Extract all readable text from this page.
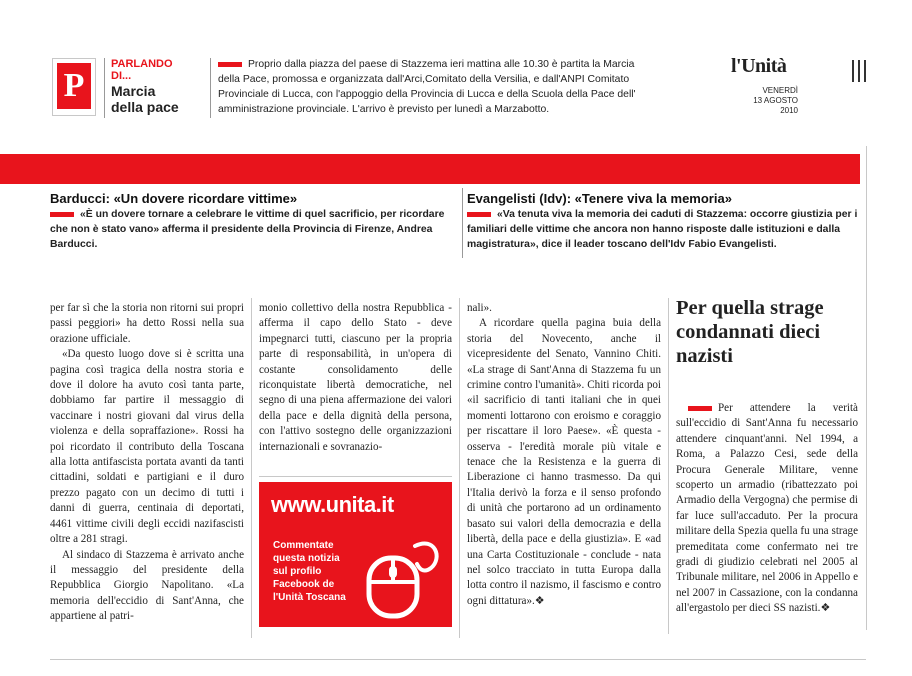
P
PARLANDO
DI...
Marcia
della pace
Proprio dalla piazza del paese di Stazzema ieri mattina alle 10.30 è partita la Marcia della Pace, promossa e organizzata dall'Arci,Comitato della Versilia, e dall'ANPI Comitato Provinciale di Lucca, con l'appoggio della Provincia di Lucca e della Scuola della Pace dell' amministrazione provinciale. L'arrivo è previsto per lunedì a Marzabotto.
l'Unità
VENERDÌ
13 AGOSTO
2010
Barducci: «Un dovere ricordare vittime»
«È un dovere tornare a celebrare le vittime di quel sacrificio, per ricordare che non è stato vano» afferma il presidente della Provincia di Firenze, Andrea Barducci.
Evangelisti (Idv): «Tenere viva la memoria»
«Va tenuta viva la memoria dei caduti di Stazzema: occorre giustizia per i familiari delle vittime che ancora non hanno risposte dalle istituzioni e dalla magistratura», dice il leader toscano dell'Idv Fabio Evangelisti.

per far sì che la storia non ritorni sui propri passi peggiori» ha detto Rossi nella sua orazione ufficiale.

«Da questo luogo dove si è scritta una pagina così tragica della nostra storia e dove il dolore ha avuto così tanta parte, dobbiamo far partire il messaggio di vaccinare i nostri giovani dal virus della violenza e della sopraffazione». Rossi ha poi ricordato il contributo della Toscana alla lotta antifascista portata avanti da tanti cittadini, soldati e partigiani e il duro prezzo pagato con un decimo di tutti i danni di guerra, centinaia di deportati, 4461 vittime civili degli eccidi nazifascisti oltre a 281 stragi.

Al sindaco di Stazzema è arrivato anche il messaggio del presidente della Repubblica Giorgio Napolitano. «La memoria dell'eccidio di Sant'Anna, che appartiene al patri-

monio collettivo della nostra Repubblica - afferma il capo dello Stato - deve impegnarci tutti, ciascuno per la propria parte di responsabilità, in un'opera di costante consolidamento delle riconquistate libertà democratiche, nel segno di una piena affermazione dei valori della pace e della dignità della persona, con l'attivo sostegno delle organizzazioni internazionali e sovranazio-

nali».

A ricordare quella pagina buia della storia del Novecento, anche il vicepresidente del Senato, Vannino Chiti. «La strage di Sant'Anna di Stazzema fu un crimine contro l'umanità». Chiti ricorda poi «il sacrificio di tanti italiani che in quei momenti lottarono con eroismo e coraggio per riscattare il loro Paese». «È questa - osserva - l'eredità morale più vitale e tenace che la Resistenza e la guerra di Liberazione ci hanno trasmesso. Da qui l'Italia derivò la forza e il senso profondo di unità che portarono ad un ordinamento basato sui valori della democrazia e della libertà, della pace e della giustizia». E «ad una Carta Costituzionale - conclude - nata nel solco tracciato in tutta Europa dalla lotta contro il nazismo, il fascismo e contro ogni dittatura».❖

www.unita.it
Commentate
questa notizia
sul profilo
Facebook de
l'Unità Toscana
Per quella strage condannati dieci nazisti

Per attendere la verità sull'eccidio di Sant'Anna fu necessario attendere cinquant'anni. Nel 1994, a Roma, a Palazzo Cesi, sede della Procura Generale Militare, venne scoperto un armadio (ribattezzato poi Armadio della Vergogna) che permise di far luce sull'accaduto. Per la procura militare della Spezia quella fu una strage premeditata come confermato nei tre gradi di giudizio celebrati nel 2005 al Tribunale militare, nel 2006 in Appello e nel 2007 in Cassazione, con la condanna all'ergastolo per dieci SS nazisti.❖
